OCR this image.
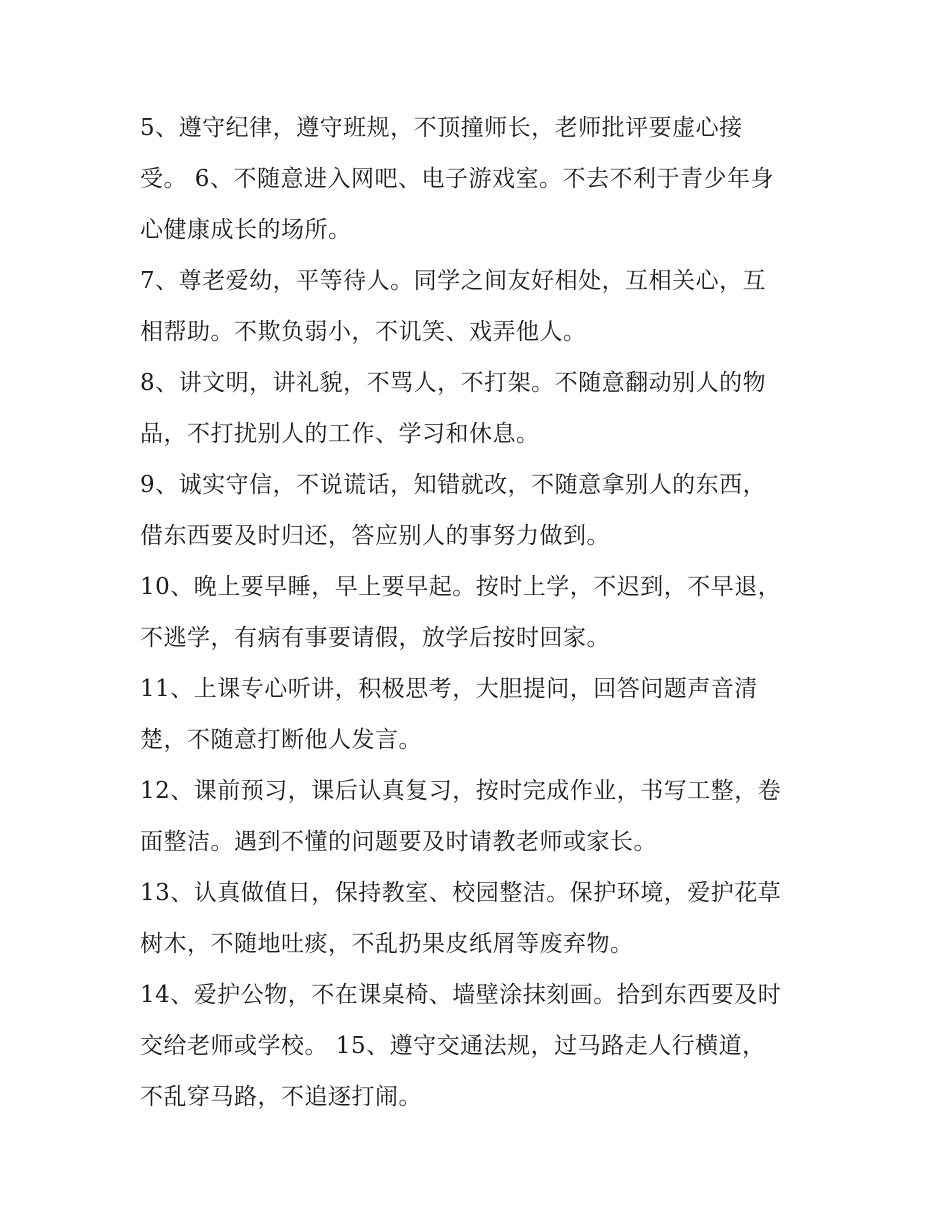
5、遵守纪律，遵守班规，不顶撞师长，老师批评要虚心接
受。 6、不随意进入网吧、电子游戏室。不去不利于青少年身
心健康成长的场所。
7、尊老爱幼，平等待人。同学之间友好相处，互相关心，互
相帮助。不欺负弱小，不讥笑、戏弄他人。
8、讲文明，讲礼貌，不骂人，不打架。不随意翻动别人的物
品，不打扰别人的工作、学习和休息。
9、诚实守信，不说谎话，知错就改，不随意拿别人的东西，
借东西要及时归还，答应别人的事努力做到。
10、晚上要早睡，早上要早起。按时上学，不迟到，不早退，
不逃学，有病有事要请假，放学后按时回家。
11、上课专心听讲，积极思考，大胆提问，回答问题声音清
楚，不随意打断他人发言。
12、课前预习，课后认真复习，按时完成作业，书写工整，卷
面整洁。遇到不懂的问题要及时请教老师或家长。
13、认真做值日，保持教室、校园整洁。保护环境，爱护花草
树木，不随地吐痰，不乱扔果皮纸屑等废弃物。
14、爱护公物，不在课桌椅、墙壁涂抹刻画。拾到东西要及时
交给老师或学校。 15、遵守交通法规，过马路走人行横道，
不乱穿马路，不追逐打闹。
